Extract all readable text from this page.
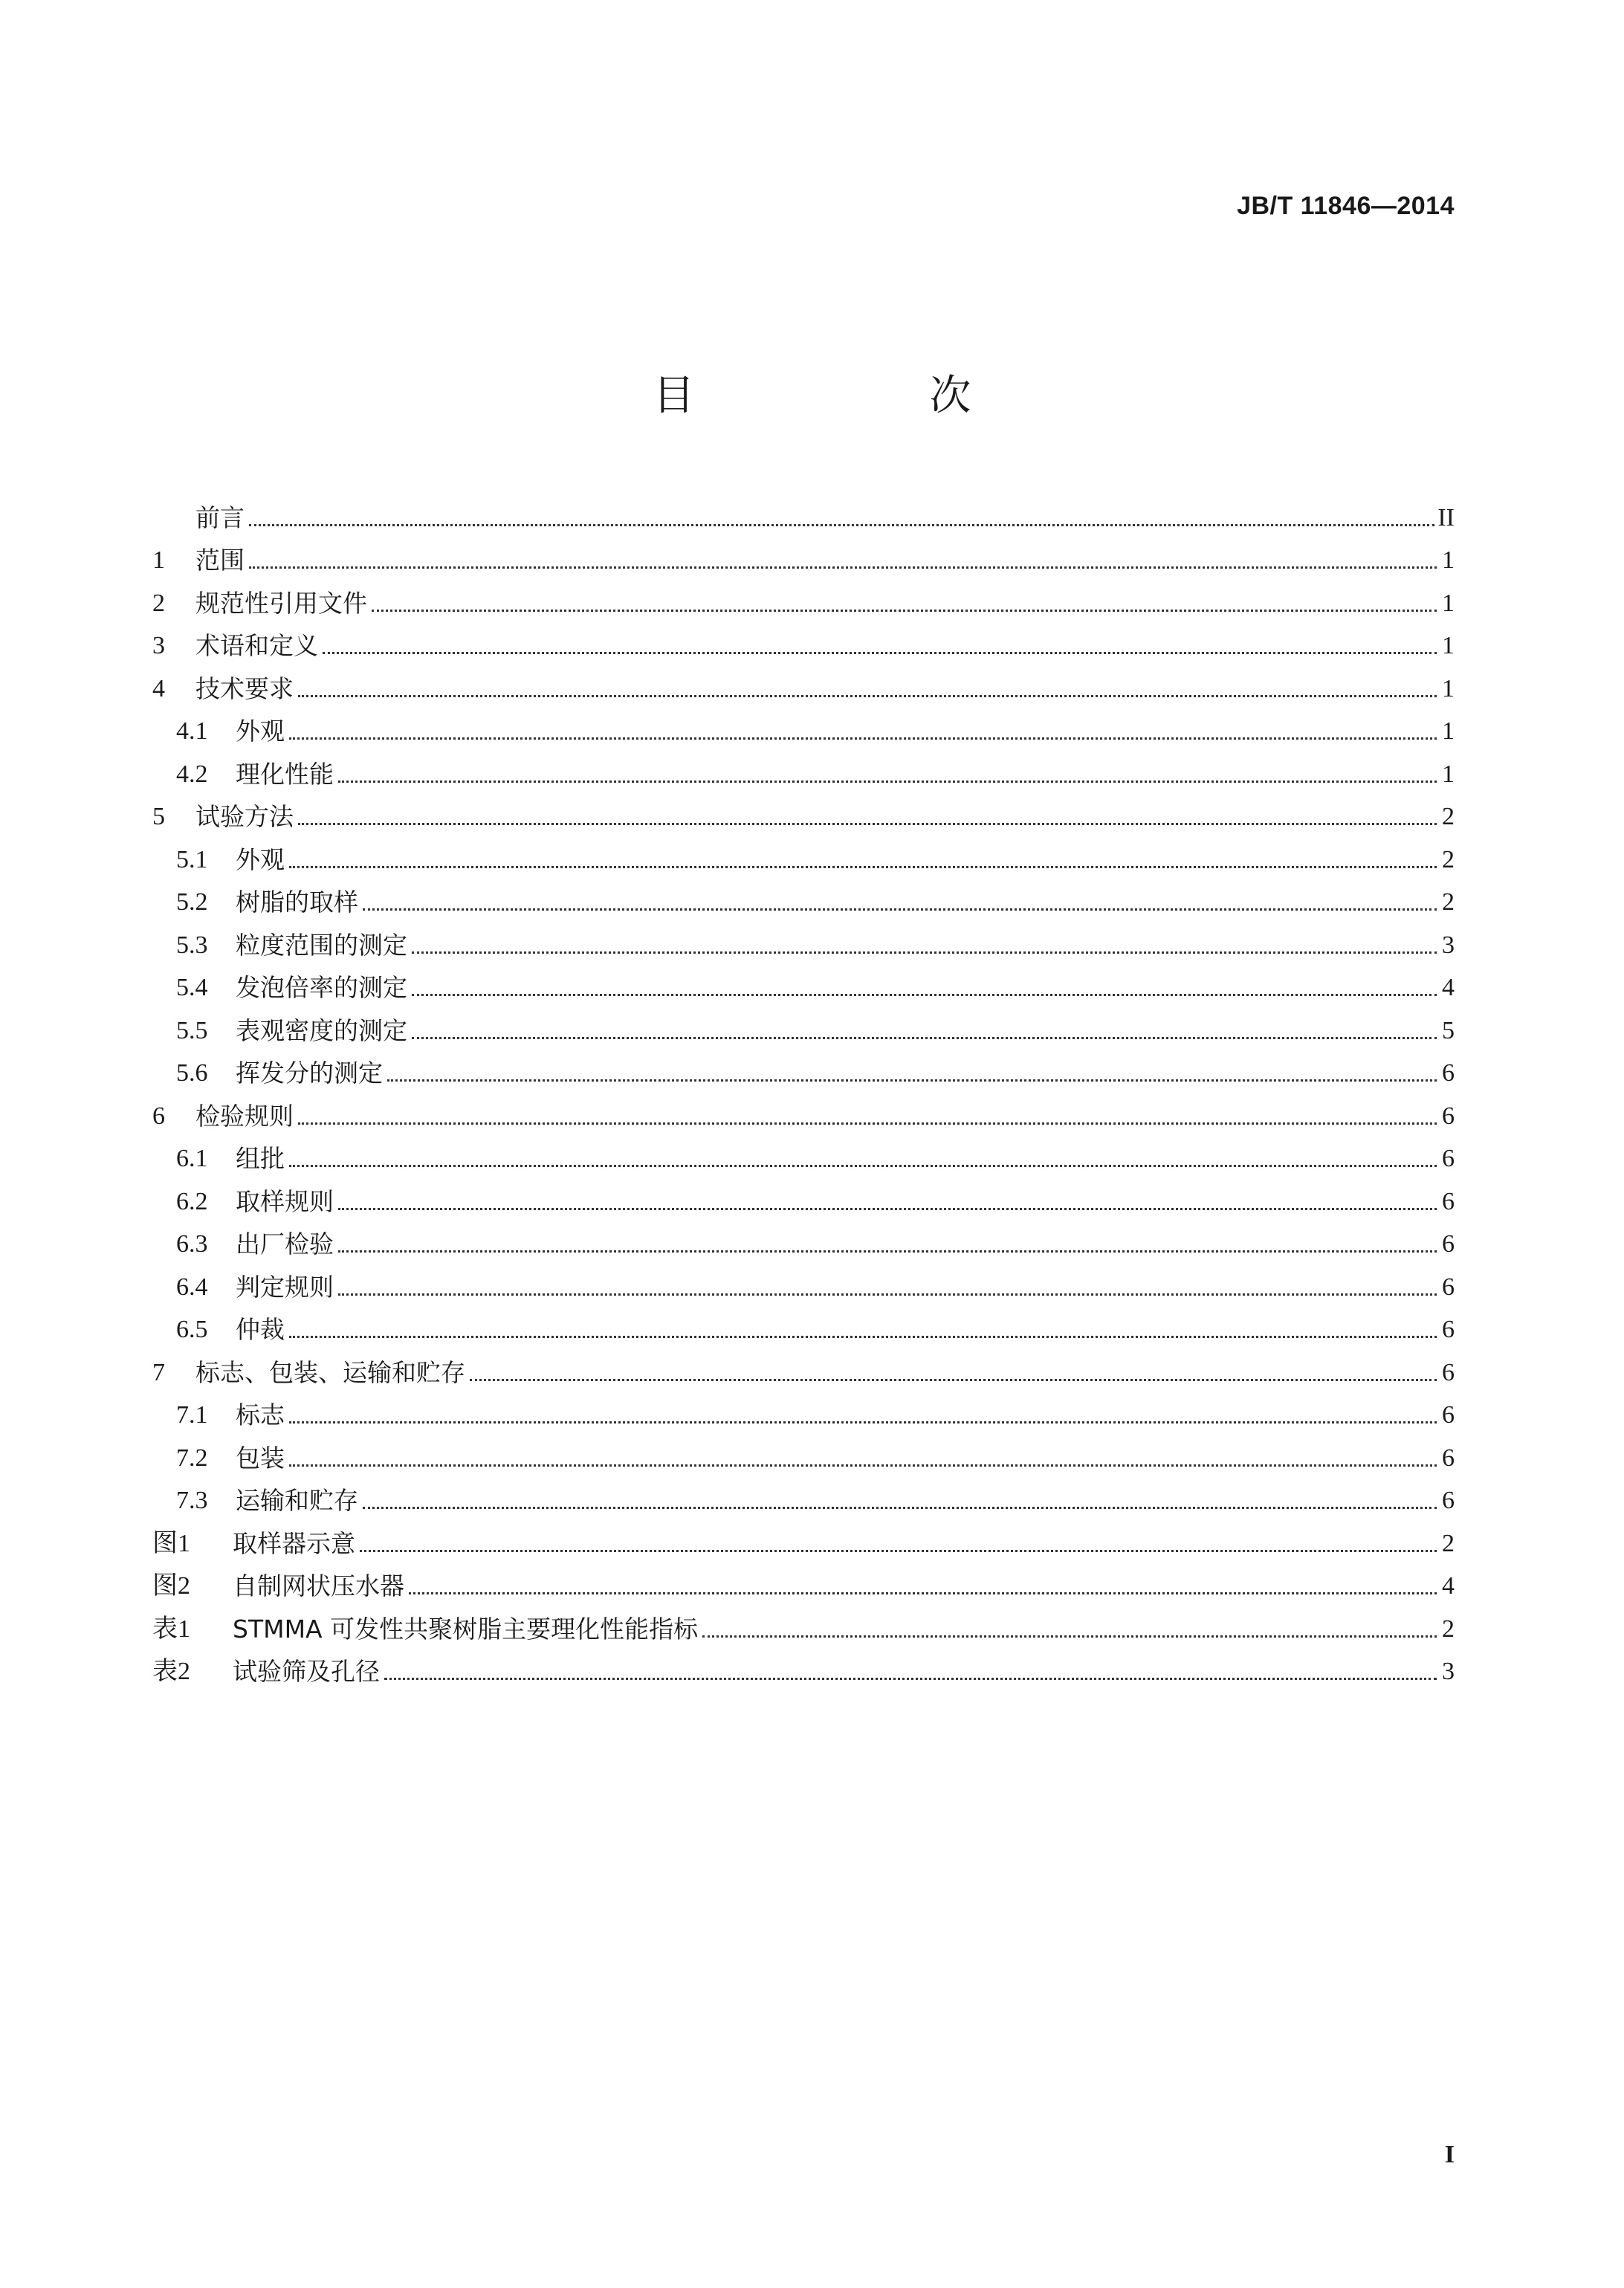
JB/T 11846—2014
目　次
前言	II
1	范围	1
2	规范性引用文件	1
3	术语和定义	1
4	技术要求	1
4.1	外观	1
4.2	理化性能	1
5	试验方法	2
5.1	外观	2
5.2	树脂的取样	2
5.3	粒度范围的测定	3
5.4	发泡倍率的测定	4
5.5	表观密度的测定	5
5.6	挥发分的测定	6
6	检验规则	6
6.1	组批	6
6.2	取样规则	6
6.3	出厂检验	6
6.4	判定规则	6
6.5	仲裁	6
7	标志、包装、运输和贮存	6
7.1	标志	6
7.2	包装	6
7.3	运输和贮存	6
图1	取样器示意	2
图2	自制网状压水器	4
表1	STMMA 可发性共聚树脂主要理化性能指标	2
表2	试验筛及孔径	3
I
